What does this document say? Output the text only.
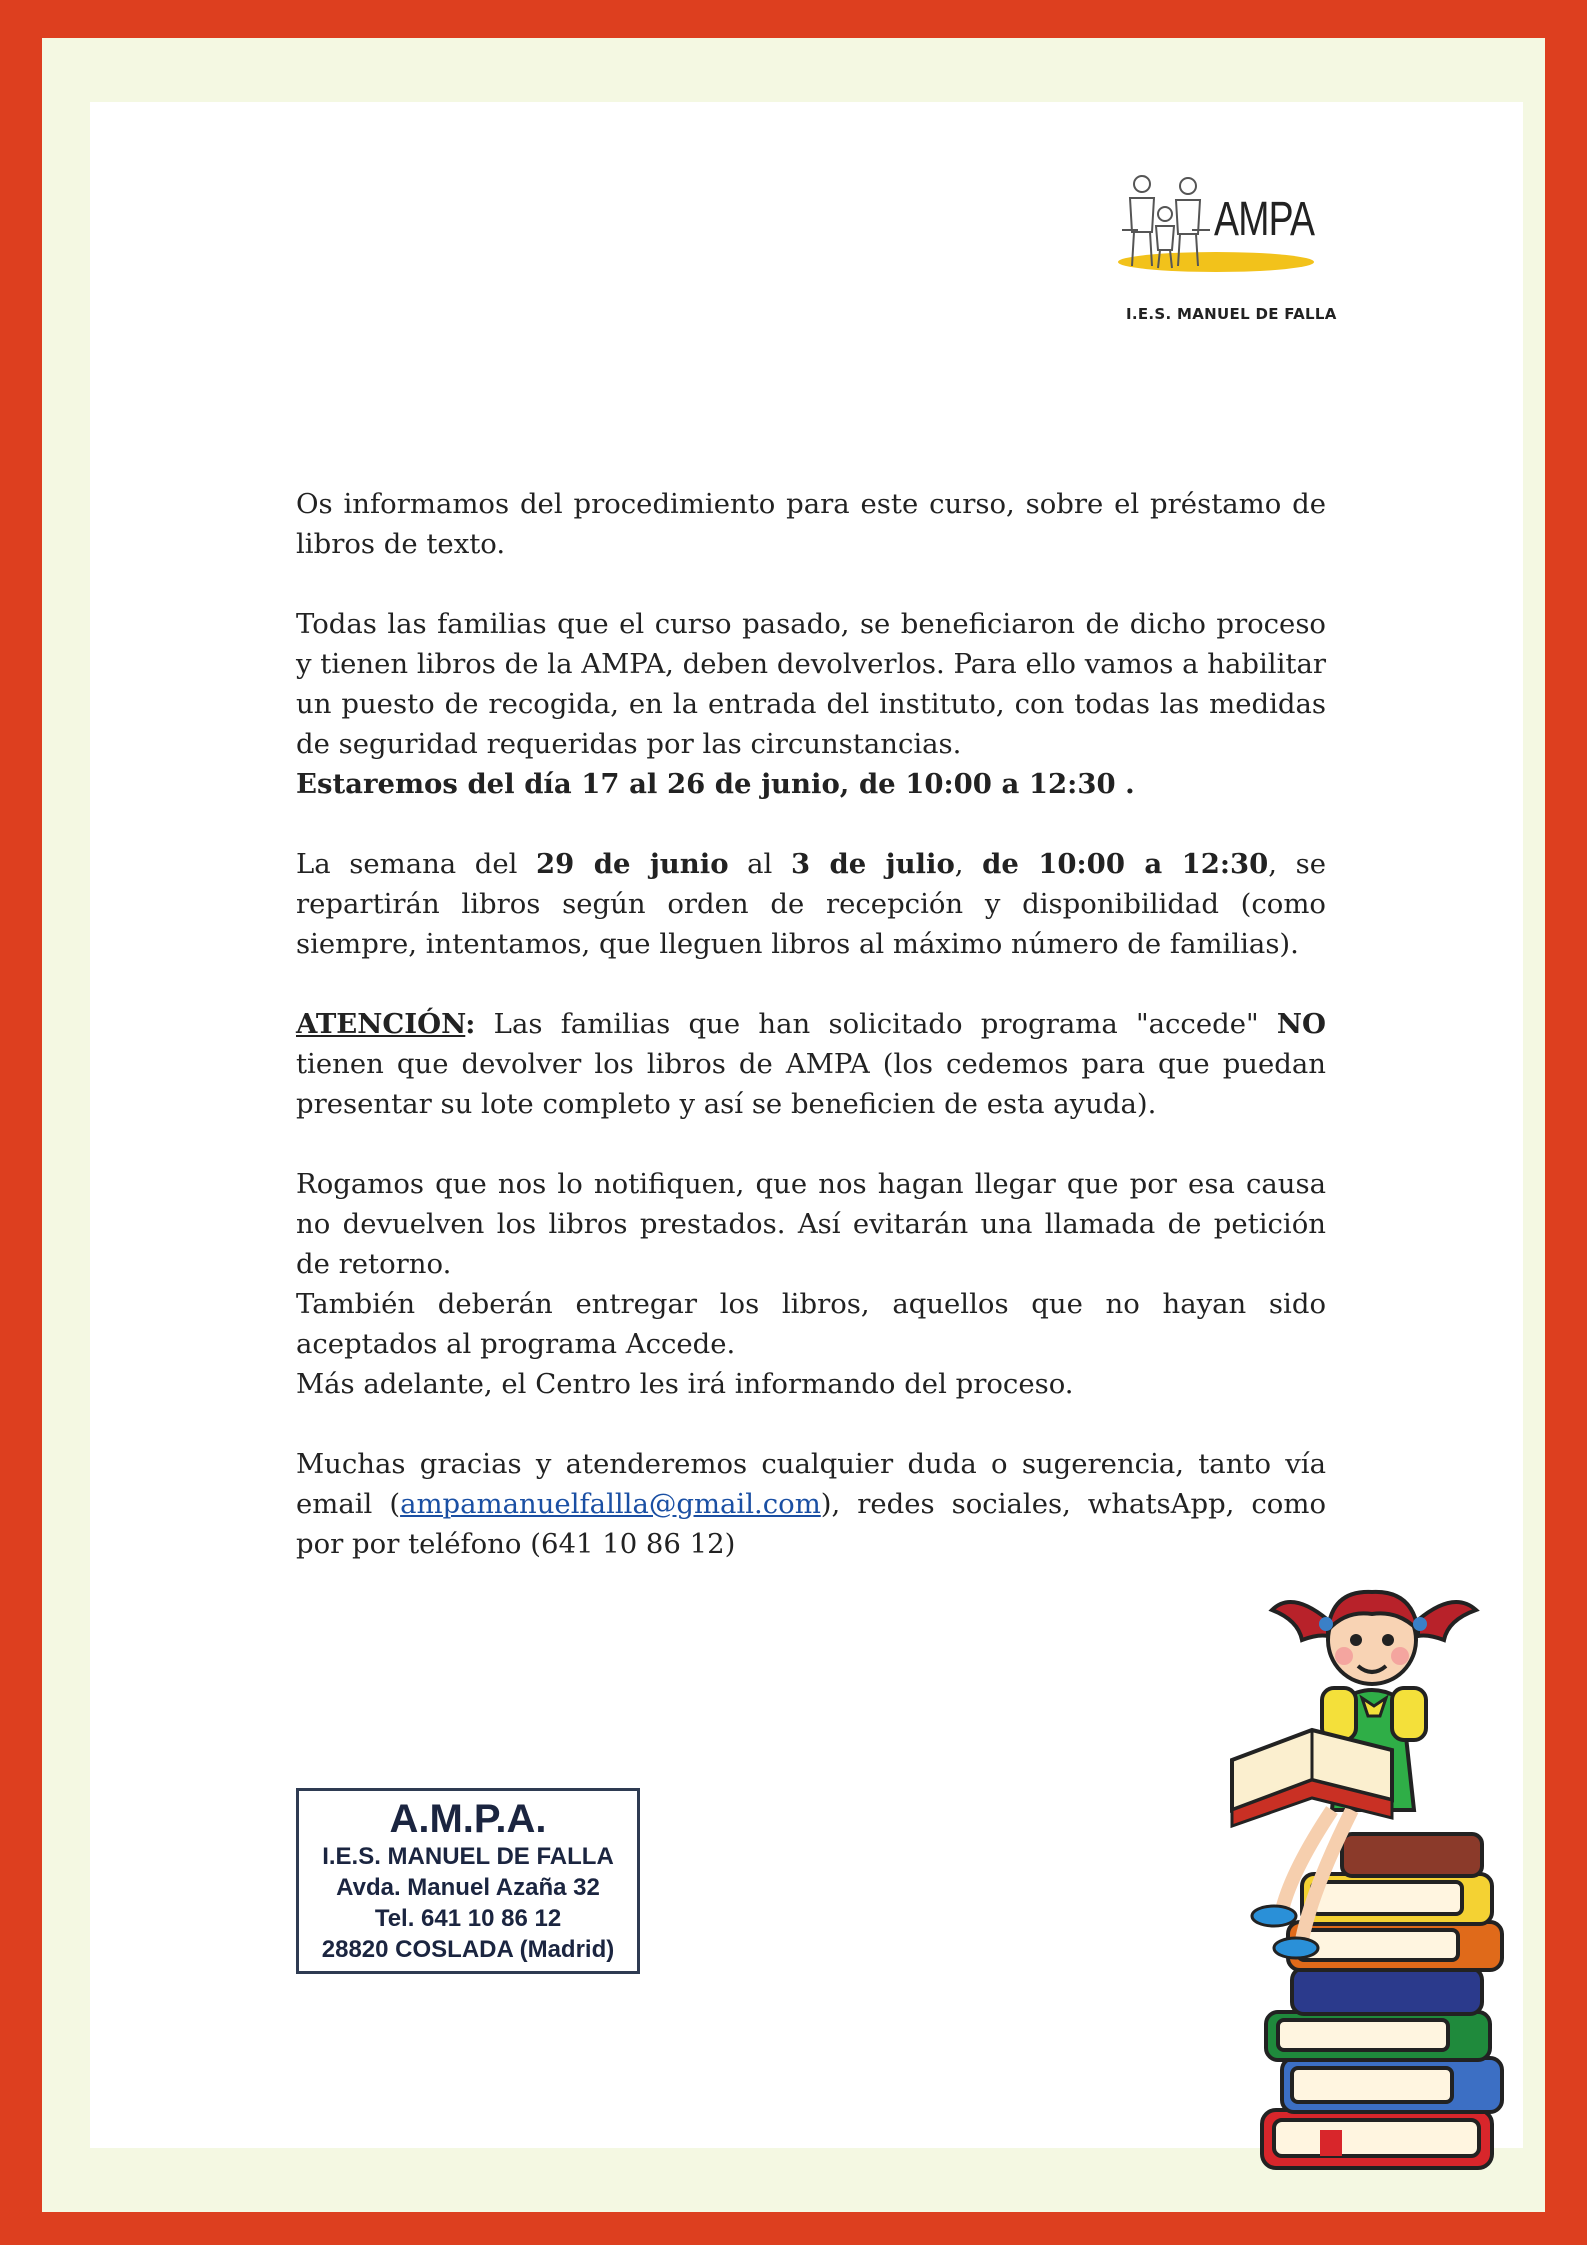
AMPA
I.E.S. MANUEL DE FALLA

Os informamos del procedimiento para este curso, sobre el préstamo de libros de texto.

Todas las familias que el curso pasado, se beneficiaron de dicho proceso y tienen libros de la AMPA, deben devolverlos. Para ello vamos a habilitar un puesto de recogida, en la entrada del instituto, con todas las medidas de seguridad requeridas por las circunstancias.

Estaremos del día 17 al 26 de junio, de 10:00 a 12:30 .

La semana del 29 de junio al 3 de julio, de 10:00 a 12:30, se repartirán libros según orden de recepción y disponibilidad (como siempre, intentamos, que lleguen libros al máximo número de familias).

ATENCIÓN: Las familias que han solicitado programa "accede" NO tienen que devolver los libros de AMPA (los cedemos para que puedan presentar su lote completo y así se beneficien de esta ayuda).

Rogamos que nos lo notifiquen, que nos hagan llegar que por esa causa no devuelven los libros prestados. Así evitarán una llamada de petición de retorno.

También deberán entregar los libros, aquellos que no hayan sido aceptados al programa Accede.

Más adelante, el Centro les irá informando del proceso.

Muchas gracias y atenderemos cualquier duda o sugerencia, tanto vía email (ampamanuelfallla@gmail.com), redes sociales, whatsApp, como por por teléfono (641 10 86 12)

A.M.P.A.
I.E.S. MANUEL DE FALLA
Avda. Manuel Azaña 32
Tel. 641 10 86 12
28820 COSLADA (Madrid)
